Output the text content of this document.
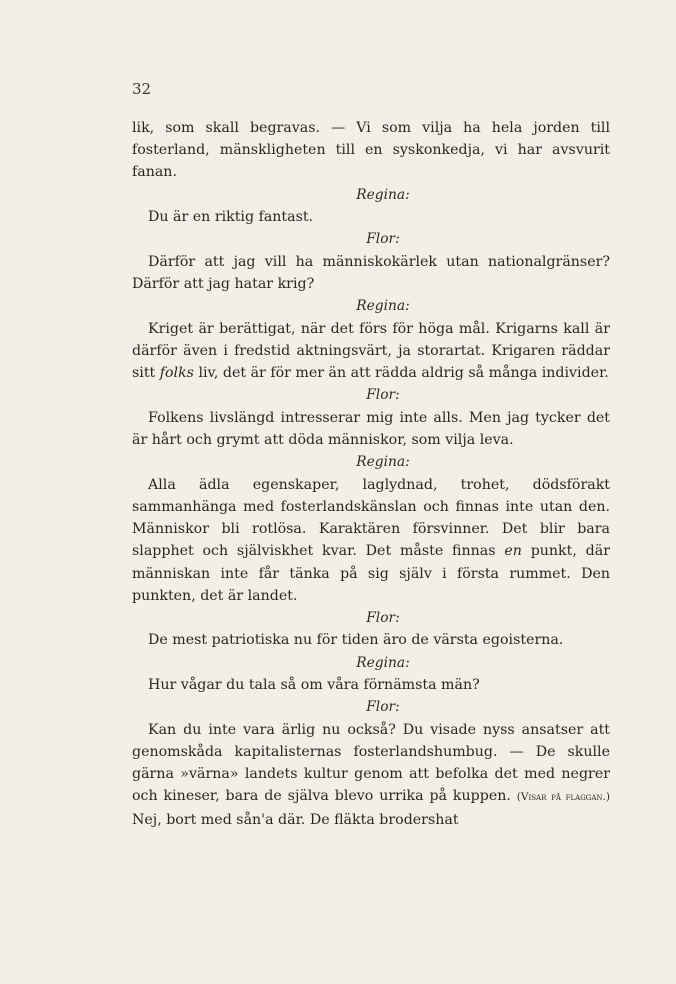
32

lik, som skall begravas. — Vi som vilja ha hela jorden till fosterland, mänskligheten till en syskonkedja, vi har avsvurit fanan.

Regina:

Du är en riktig fantast.

Flor:

Därför att jag vill ha människokärlek utan nationalgränser? Därför att jag hatar krig?

Regina:

Kriget är berättigat, när det förs för höga mål. Krigarns kall är därför även i fredstid aktningsvärt, ja storartat. Krigaren räddar sitt folks liv, det är för mer än att rädda aldrig så många individer.

Flor:

Folkens livslängd intresserar mig inte alls. Men jag tycker det är hårt och grymt att döda människor, som vilja leva.

Regina:

Alla ädla egenskaper, laglydnad, trohet, dödsförakt sammanhänga med fosterlandskänslan och finnas inte utan den. Människor bli rotlösa. Karaktären försvinner. Det blir bara slapphet och själviskhet kvar. Det måste finnas en punkt, där människan inte får tänka på sig själv i första rummet. Den punkten, det är landet.

Flor:

De mest patriotiska nu för tiden äro de värsta egoisterna.

Regina:

Hur vågar du tala så om våra förnämsta män?

Flor:

Kan du inte vara ärlig nu också? Du visade nyss ansatser att genomskåda kapitalisternas fosterlandshumbug. — De skulle gärna »värna» landets kultur genom att befolka det med negrer och kineser, bara de själva blevo urrika på kuppen. (Visar på flaggan.) Nej, bort med sån'a där. De fläkta brodershat
